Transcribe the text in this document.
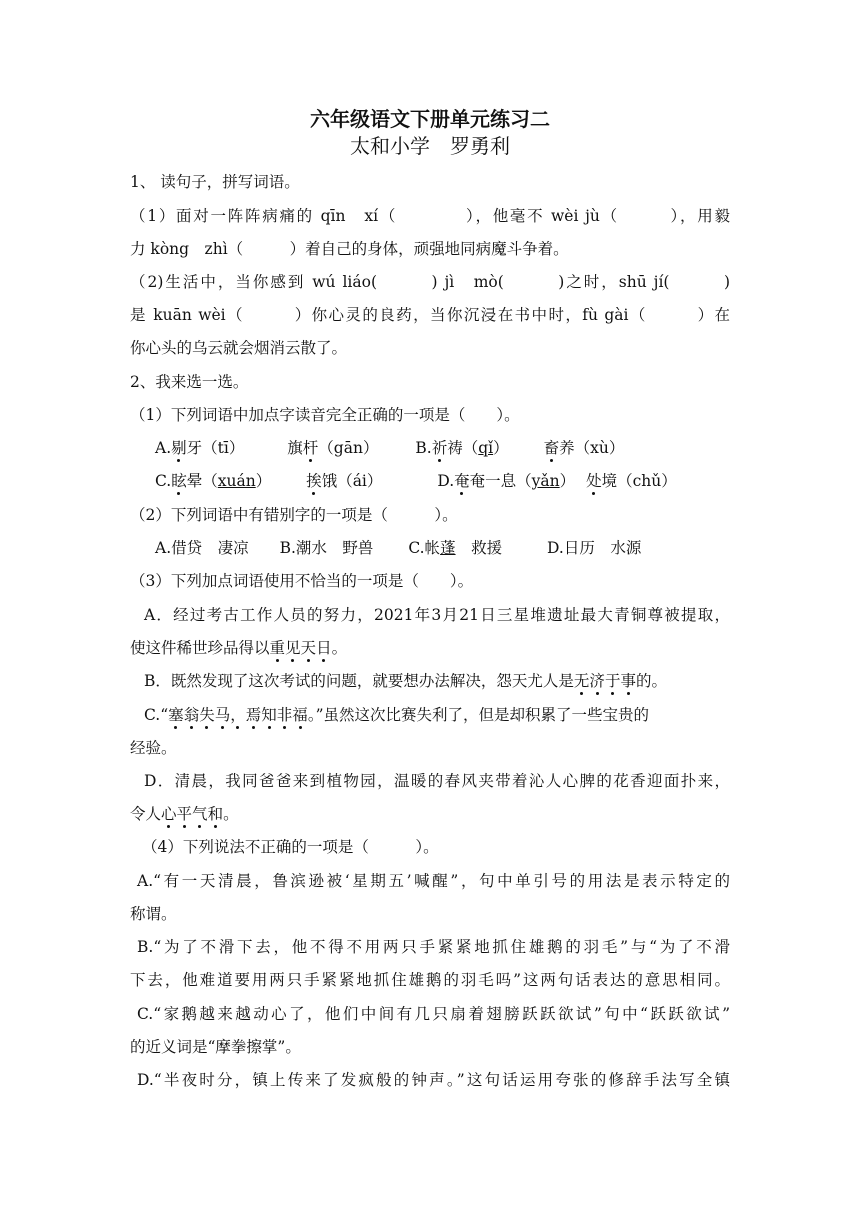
六年级语文下册单元练习二
太和小学　罗勇利
1、 读句子，拼写词语。
（1）面对一阵阵病痛的 qīn　xí（　　　　），他毫不 wèi jù（　　　），用毅
力 kòng　zhì（　　　）着自己的身体，顽强地同病魔斗争着。
（2)生活中，当你感到 wú liáo(　　　) jì　mò(　　　)之时，shū jí(　　　)
是 kuān wèi（　　　）你心灵的良药，当你沉浸在书中时，fù gài（　　　）在
你心头的乌云就会烟消云散了。
2、我来选一选。
（1）下列词语中加点字读音完全正确的一项是（　　）。
A.剔牙（tī）	旗杆（gān） B.祈祷（qǐ） 畜养（xù）
C.眩晕（xuán） 挨饿（ái）	D.奄奄一息（yǎn） 处境（chǔ）
（2）下列词语中有错别字的一项是（　　　）。
A.借贷　凄凉 B.潮水　野兽 C.帐蓬　救援	D.日历　水源
（3）下列加点词语使用不恰当的一项是（　　）。
A．经过考古工作人员的努力，2021年3月21日三星堆遗址最大青铜尊被提取，
使这件稀世珍品得以重见天日。
B．既然发现了这次考试的问题，就要想办法解决，怨天尤人是无济于事的。
C.“塞翁失马，焉知非福。”虽然这次比赛失利了，但是却积累了一些宝贵的
经验。
D．清晨，我同爸爸来到植物园，温暖的春风夹带着沁人心脾的花香迎面扑来，
令人心平气和。
（4）下列说法不正确的一项是（　　　）。
A.“有一天清晨，鲁滨逊被‘星期五’喊醒”，句中单引号的用法是表示特定的
称谓。
B.“为了不滑下去，他不得不用两只手紧紧地抓住雄鹅的羽毛”与“为了不滑
下去，他难道要用两只手紧紧地抓住雄鹅的羽毛吗”这两句话表达的意思相同。
C.“家鹅越来越动心了，他们中间有几只扇着翅膀跃跃欲试”句中“跃跃欲试”
的近义词是“摩拳擦掌”。
D.“半夜时分，镇上传来了发疯般的钟声。”这句话运用夸张的修辞手法写全镇
